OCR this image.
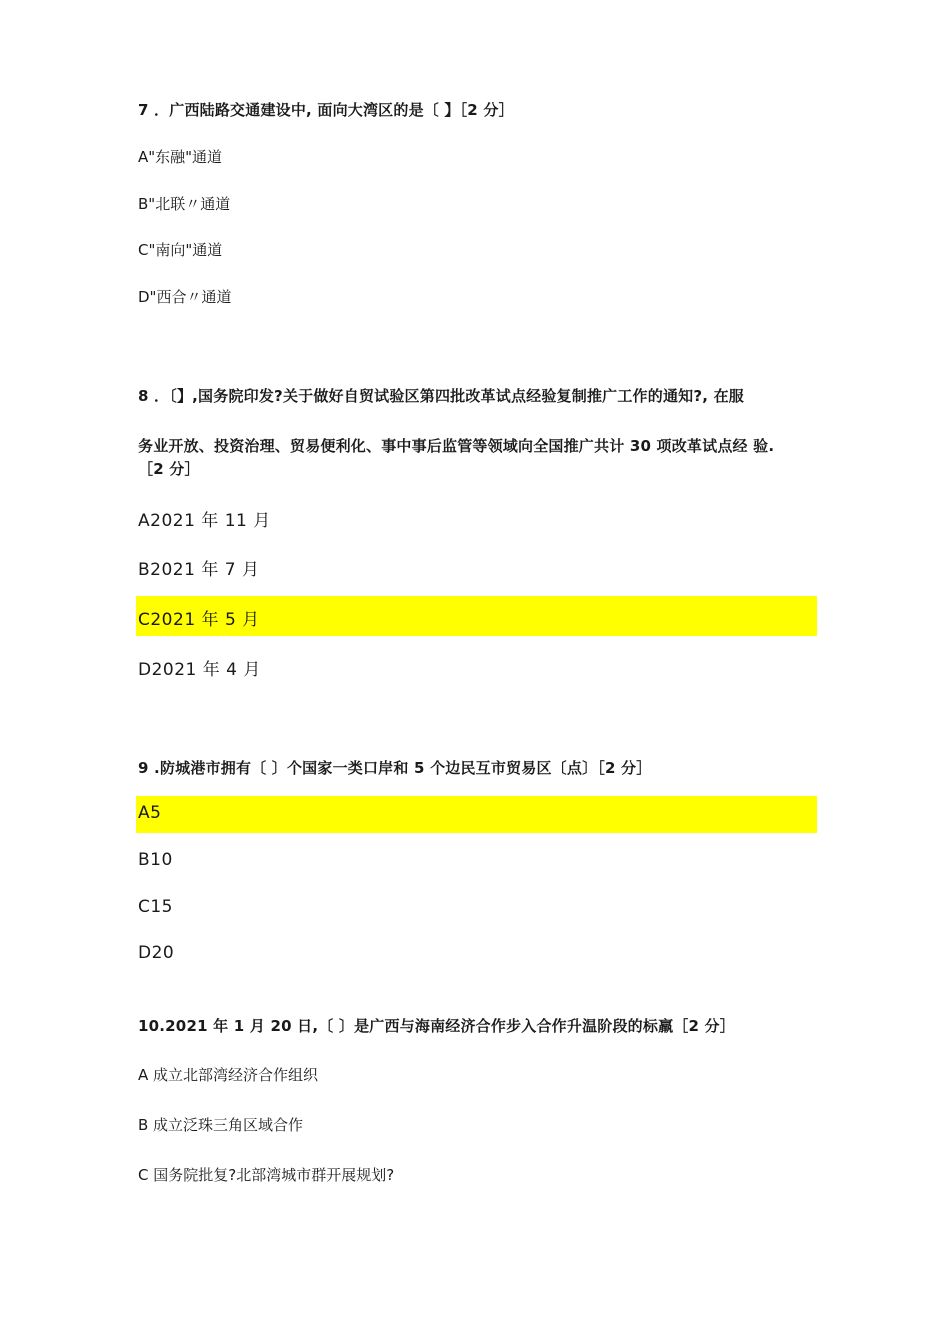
7 ．广西陆路交通建设中, 面向大湾区的是〔 】［2 分］
A"东融"通道
B"北联〃通道
C"南向"通道
D"西合〃通道
8 ．〔】,国务院印发?关于做好自贸试验区第四批改革试点经验复制推广工作的通知?, 在服
务业开放、投资治理、贸易便利化、事中事后监管等领域向全国推广共计 30 项改革试点经 验.
［2 分］
A2021 年 11 月
B2021 年 7 月
C2021 年 5 月
D2021 年 4 月
9 .防城港市拥有〔 〕个国家一类口岸和 5 个边民互市贸易区〔点〕［2 分］
A5
B10
C15
D20
10.2021 年 1 月 20 日,〔 〕是广西与海南经济合作步入合作升温阶段的标羸［2 分］
A 成立北部湾经济合作组织
B 成立泛珠三角区域合作
C 国务院批复?北部湾城市群开展规划?
